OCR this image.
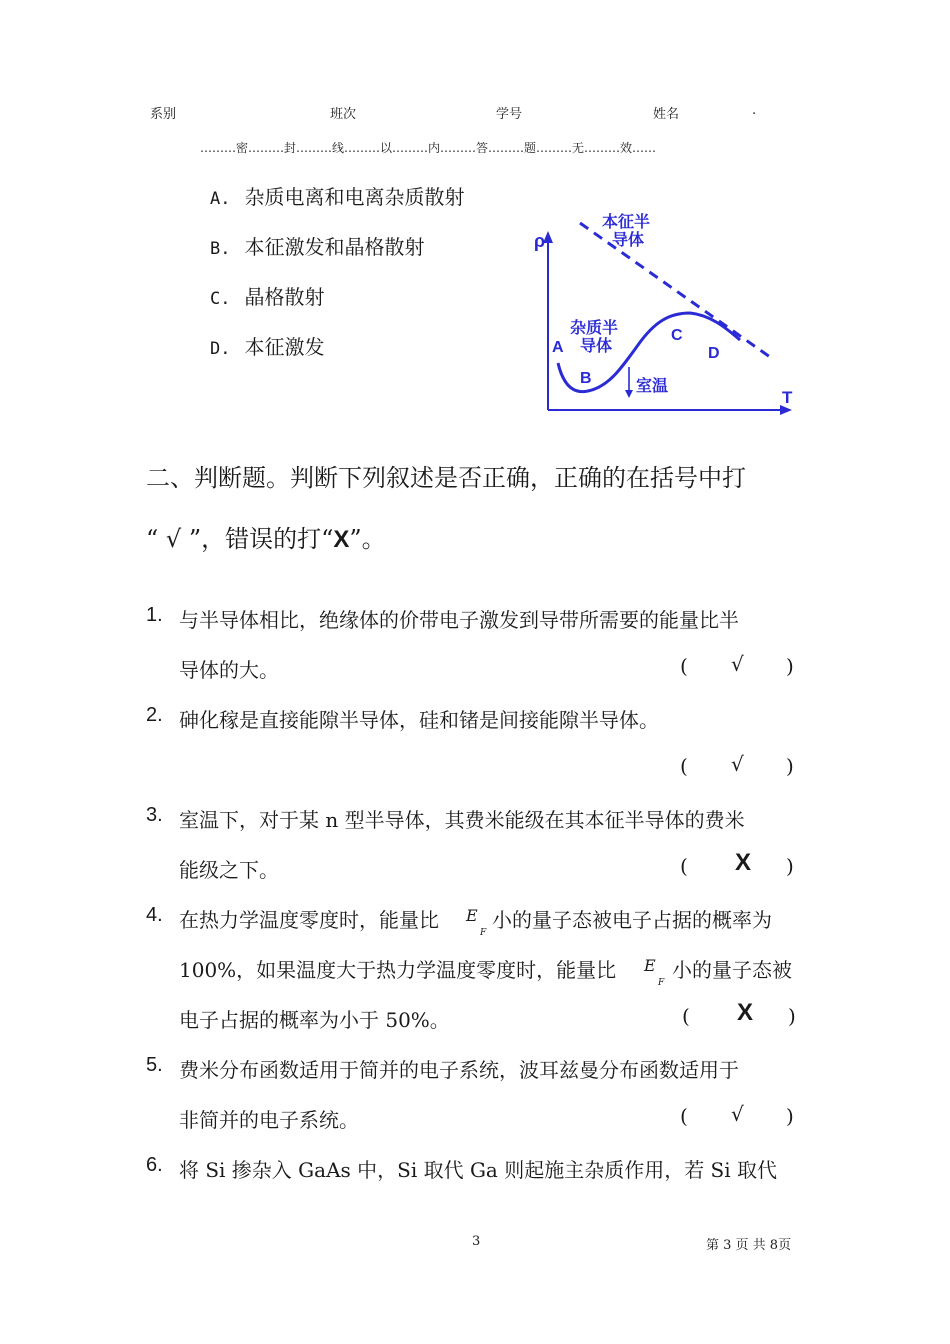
系别	班次	学号	姓名	.
………密………封………线………以………内………答………题………无………效……
A. 杂质电离和电离杂质散射
B. 本征激发和晶格散射
C. 晶格散射
D. 本征激发
ρ
T
本征半
导体
杂质半
导体
A
B
C
D
室温
二、判断题。判断下列叙述是否正确，正确的在括号中打
“ √ ”，错误的打“X”。
1. 与半导体相比，绝缘体的价带电子激发到导带所需要的能量比半
导体的大。	( √ )
2. 砷化稼是直接能隙半导体，硅和锗是间接能隙半导体。
( √ )
3. 室温下，对于某 n 型半导体，其费米能级在其本征半导体的费米
能级之下。	( X )
4. 在热力学温度零度时，能量比 E
F
小的量子态被电子占据的概率为
100%，如果温度大于热力学温度零度时，能量比 E
F
小的量子态被
电子占据的概率为小于 50%。	( X )
5. 费米分布函数适用于简并的电子系统，波耳兹曼分布函数适用于
非简并的电子系统。	( √ )
6. 将 Si 掺杂入 GaAs 中，Si 取代 Ga 则起施主杂质作用，若 Si 取代
3	第 3 页 共 8页
